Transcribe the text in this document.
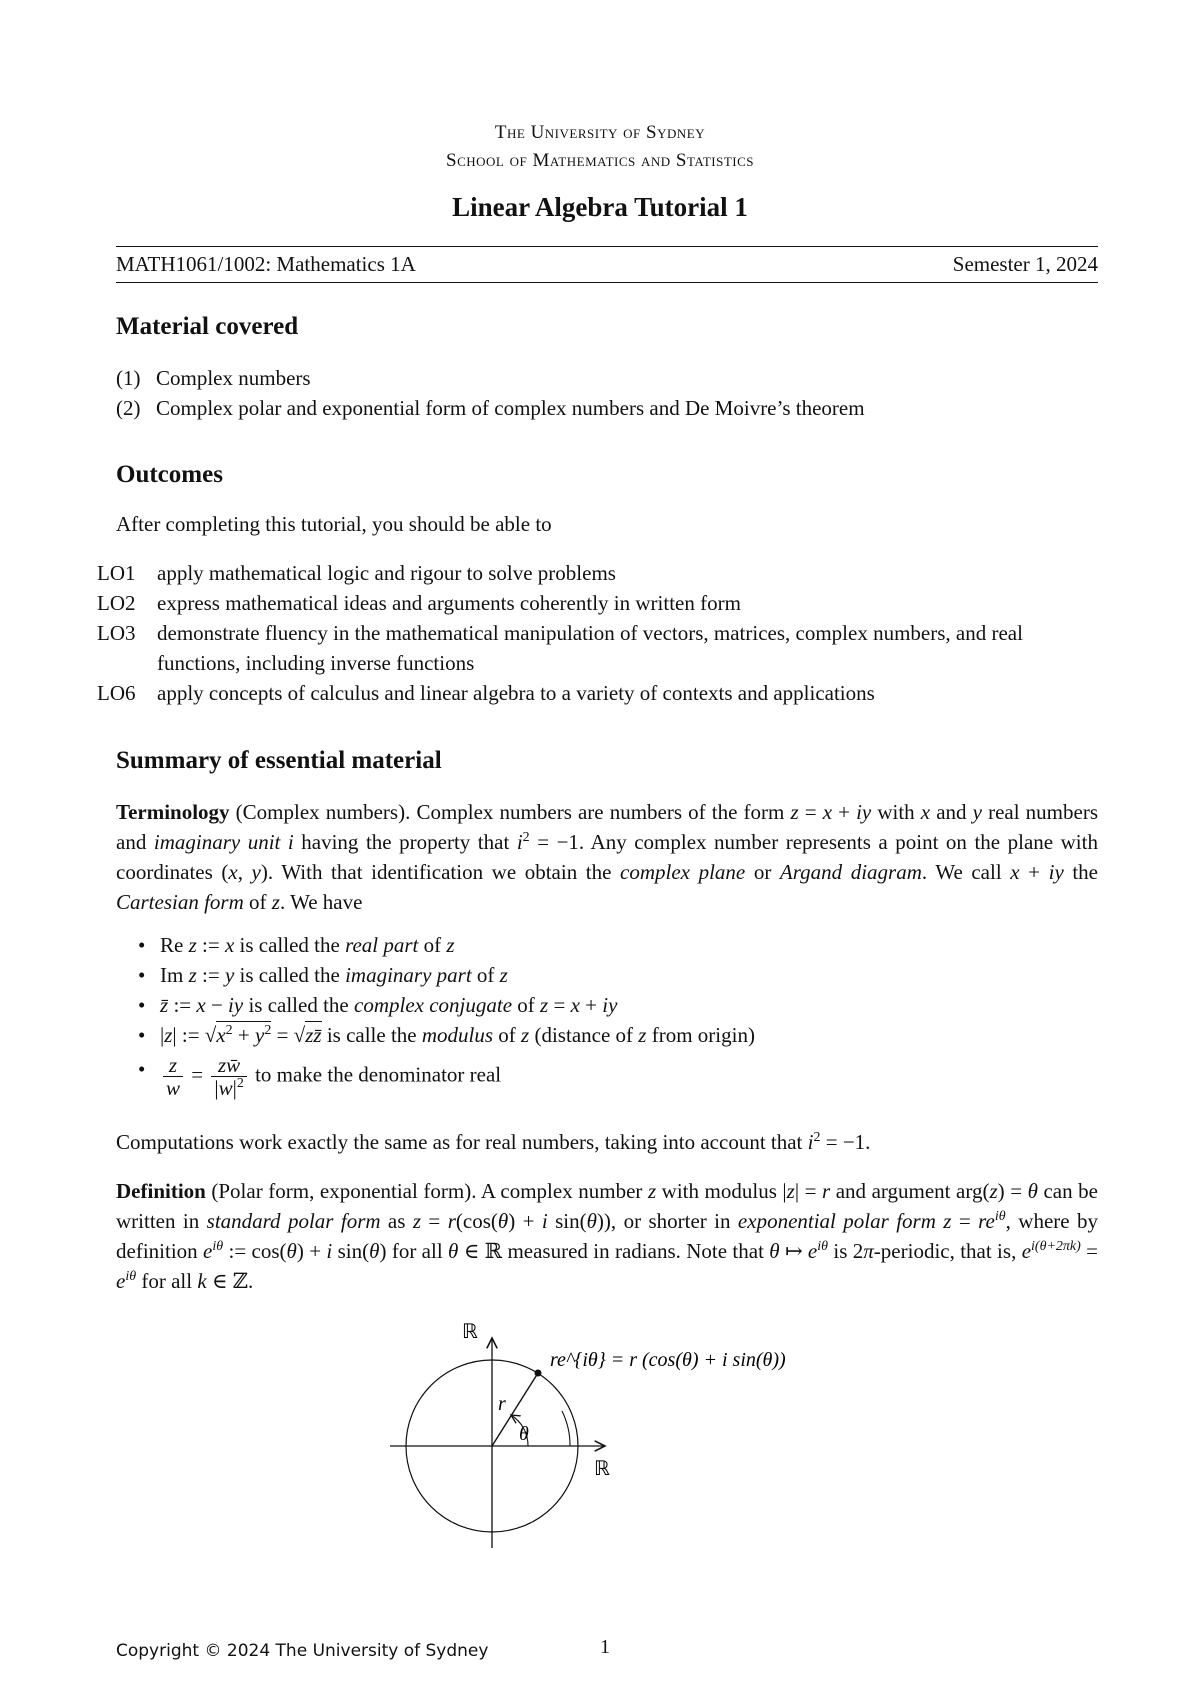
The University of Sydney
School of Mathematics and Statistics
Linear Algebra Tutorial 1
MATH1061/1002: Mathematics 1A	Semester 1, 2024
Material covered
(1) Complex numbers
(2) Complex polar and exponential form of complex numbers and De Moivre’s theorem
Outcomes
After completing this tutorial, you should be able to
LO1 apply mathematical logic and rigour to solve problems
LO2 express mathematical ideas and arguments coherently in written form
LO3 demonstrate fluency in the mathematical manipulation of vectors, matrices, complex numbers, and real functions, including inverse functions
LO6 apply concepts of calculus and linear algebra to a variety of contexts and applications
Summary of essential material
Terminology (Complex numbers). Complex numbers are numbers of the form z = x + iy with x and y real numbers and imaginary unit i having the property that $i^2 = -1$. Any complex number represents a point on the plane with coordinates (x, y). With that identification we obtain the complex plane or Argand diagram. We call x + iy the Cartesian form of z. We have
• Re z := x is called the real part of z
• Im z := y is called the imaginary part of z
• z̄ := x − iy is called the complex conjugate of z = x + iy
• |z| := $√x^2 + y^2$ = √zz̄ is calle the modulus of z (distance of z from origin)
• $\frac{z}{w} = \frac{zw̄}{|w|^2}$ to make the denominator real
Computations work exactly the same as for real numbers, taking into account that $i^2 = -1$.
Definition (Polar form, exponential form). A complex number z with modulus |z| = r and argument arg(z) = θ can be written in standard polar form as z = r(cos(θ) + i sin(θ)), or shorter in exponential polar form $z = re^{i\theta}$, where by definition $e^{i\theta}$ := cos(θ) + i sin(θ) for all θ ∈ ℝ measured in radians. Note that θ ↦ $e^{i\theta}$ is 2π-periodic, that is, $e^{i(\theta+2\pi k)} = e^{i\theta}$ for all k ∈ ℤ.
ℝ
ℝ
r
θ
re^{iθ} = r (cos(θ) + i sin(θ))
Copyright © 2024 The University of Sydney	1
